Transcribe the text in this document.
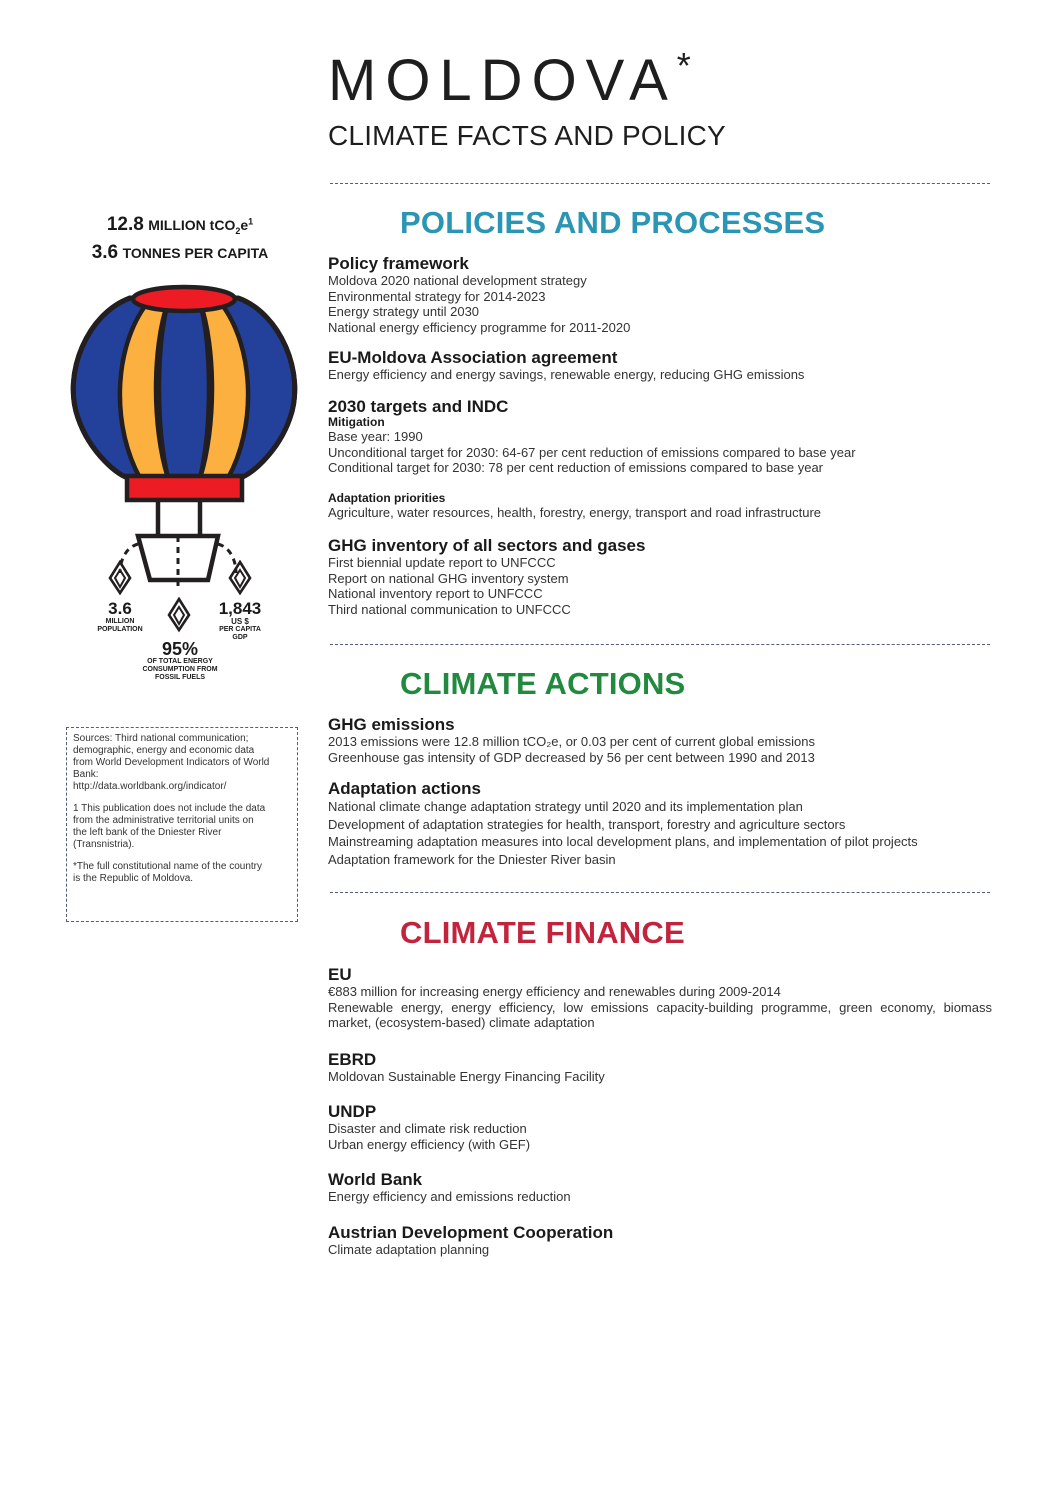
MOLDOVA*
CLIMATE FACTS AND POLICY
12.8 MILLION $tCO_2e^1$
3.6 TONNES PER CAPITA
3.6
MILLION
POPULATION
95%
OF TOTAL ENERGY
CONSUMPTION FROM
FOSSIL FUELS
1,843
US $
PER CAPITA
GDP

Sources: Third national communication;
demographic, energy and economic data
from World Development Indicators of World
Bank:
http://data.worldbank.org/indicator/

1 This publication does not include the data
from the administrative territorial units on
the left bank of the Dniester River
(Transnistria).

*The full constitutional name of the country
is the Republic of Moldova.

POLICIES AND PROCESSES
Policy framework
Moldova 2020 national development strategy
Environmental strategy for 2014-2023
Energy strategy until 2030
National energy efficiency programme for 2011-2020
EU-Moldova Association agreement
Energy efficiency and energy savings, renewable energy, reducing GHG emissions
2030 targets and INDC
Mitigation
Base year: 1990
Unconditional target for 2030: 64-67 per cent reduction of emissions compared to base year
Conditional target for 2030: 78 per cent reduction of emissions compared to base year
Adaptation priorities
Agriculture, water resources, health, forestry, energy, transport and road infrastructure
GHG inventory of all sectors and gases
First biennial update report to UNFCCC
Report on national GHG inventory system
National inventory report to UNFCCC
Third national communication to UNFCCC
CLIMATE ACTIONS
GHG emissions
2013 emissions were 12.8 million tCO₂e, or 0.03 per cent of current global emissions
Greenhouse gas intensity of GDP decreased by 56 per cent between 1990 and 2013
Adaptation actions
National climate change adaptation strategy until 2020 and its implementation plan
Development of adaptation strategies for health, transport, forestry and agriculture sectors
Mainstreaming adaptation measures into local development plans, and implementation of pilot projects
Adaptation framework for the Dniester River basin
CLIMATE FINANCE
EU
€883 million for increasing energy efficiency and renewables during 2009-2014
Renewable energy, energy efficiency, low emissions capacity-building programme, green economy, biomass market, (ecosystem-based) climate adaptation
EBRD
Moldovan Sustainable Energy Financing Facility
UNDP
Disaster and climate risk reduction
Urban energy efficiency (with GEF)
World Bank
Energy efficiency and emissions reduction
Austrian Development Cooperation
Climate adaptation planning
